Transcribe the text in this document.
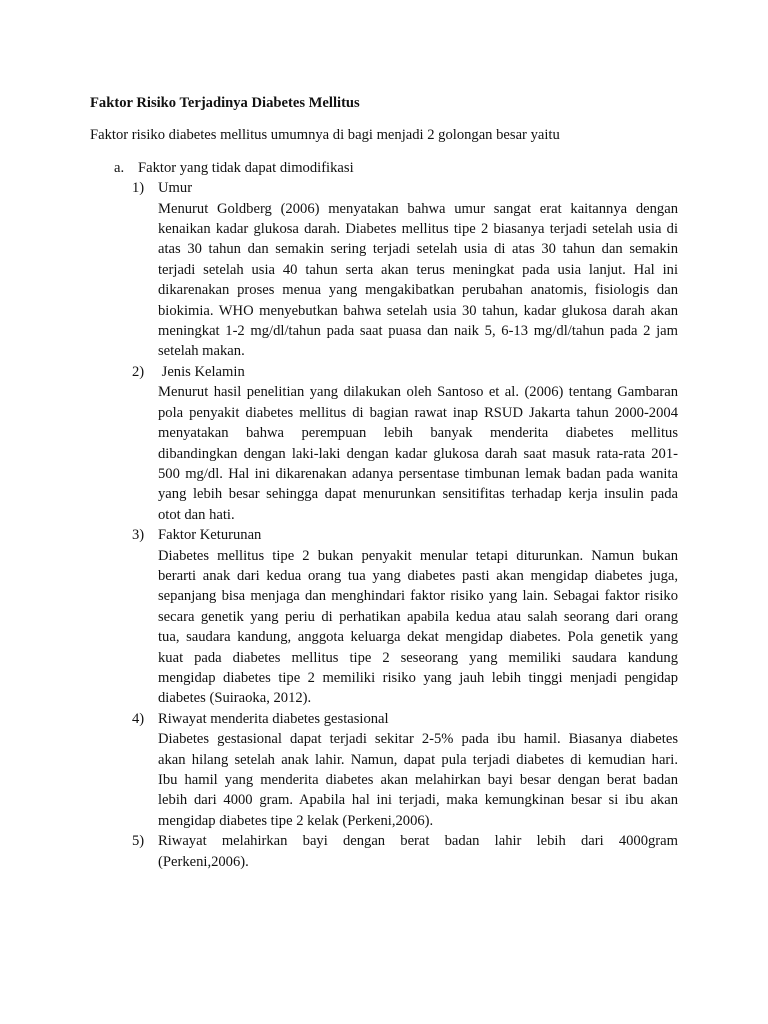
Faktor Risiko Terjadinya Diabetes Mellitus

Faktor risiko diabetes mellitus umumnya di bagi menjadi 2 golongan besar yaitu

a. Faktor yang tidak dapat dimodifikasi
1) Umur
Menurut Goldberg (2006) menyatakan bahwa umur sangat erat kaitannya dengan
kenaikan kadar glukosa darah. Diabetes mellitus tipe 2 biasanya terjadi setelah usia di
atas 30 tahun dan semakin sering terjadi setelah usia di atas 30 tahun dan semakin
terjadi setelah usia 40 tahun serta akan terus meningkat pada usia lanjut. Hal ini
dikarenakan proses menua yang mengakibatkan perubahan anatomis, fisiologis dan
biokimia. WHO menyebutkan bahwa setelah usia 30 tahun, kadar glukosa darah akan
meningkat 1-2 mg/dl/tahun pada saat puasa dan naik 5, 6-13 mg/dl/tahun pada 2 jam
setelah makan.
2) Jenis Kelamin
Menurut hasil penelitian yang dilakukan oleh Santoso et al. (2006) tentang Gambaran
pola penyakit diabetes mellitus di bagian rawat inap RSUD Jakarta tahun 2000-2004
menyatakan bahwa perempuan lebih banyak menderita diabetes mellitus
dibandingkan dengan laki-laki dengan kadar glukosa darah saat masuk rata-rata 201-
500 mg/dl. Hal ini dikarenakan adanya persentase timbunan lemak badan pada wanita
yang lebih besar sehingga dapat menurunkan sensitifitas terhadap kerja insulin pada
otot dan hati.
3) Faktor Keturunan
Diabetes mellitus tipe 2 bukan penyakit menular tetapi diturunkan. Namun bukan
berarti anak dari kedua orang tua yang diabetes pasti akan mengidap diabetes juga,
sepanjang bisa menjaga dan menghindari faktor risiko yang lain. Sebagai faktor risiko
secara genetik yang periu di perhatikan apabila kedua atau salah seorang dari orang
tua, saudara kandung, anggota keluarga dekat mengidap diabetes. Pola genetik yang
kuat pada diabetes mellitus tipe 2 seseorang yang memiliki saudara kandung
mengidap diabetes tipe 2 memiliki risiko yang jauh lebih tinggi menjadi pengidap
diabetes (Suiraoka, 2012).
4) Riwayat menderita diabetes gestasional
Diabetes gestasional dapat terjadi sekitar 2-5% pada ibu hamil. Biasanya diabetes
akan hilang setelah anak lahir. Namun, dapat pula terjadi diabetes di kemudian hari.
Ibu hamil yang menderita diabetes akan melahirkan bayi besar dengan berat badan
lebih dari 4000 gram. Apabila hal ini terjadi, maka kemungkinan besar si ibu akan
mengidap diabetes tipe 2 kelak (Perkeni,2006).
5) Riwayat melahirkan bayi dengan berat badan lahir lebih dari 4000gram
(Perkeni,2006).
